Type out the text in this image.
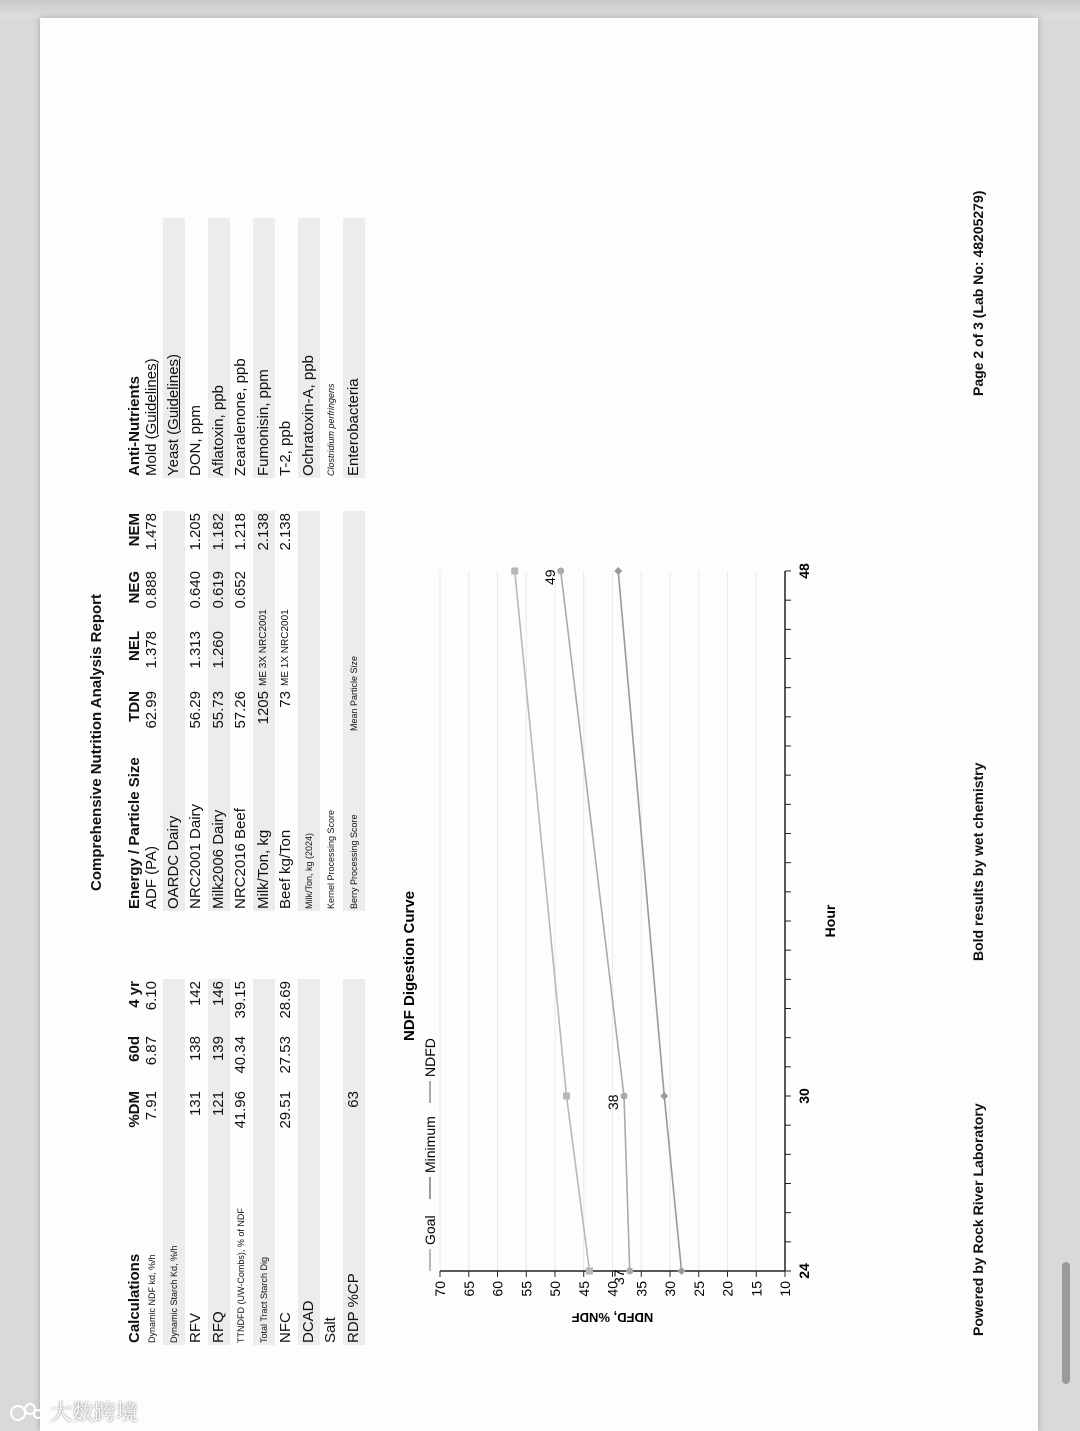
Comprehensive Nutrition Analysis Report
Calculations
%DM
60d
4 yr
Energy / Particle Size
TDN
NEL
NEG
NEM
Anti-Nutrients
NDF Digestion Curve
Goal
Minimum
NDFD
70 65 60 55 50 45 40 35 30 25 20 15 10
24
30
48
Hour
NDFD, %NDF
37
38
49
Powered by Rock River Laboratory
Bold results by wet chemistry
Page 2 of 3 (Lab No: 48205279)
Dynamic NDF kd, %/h
7.91
6.87
6.10
Dynamic Starch Kd, %/h RFV
131
138
142
RFQ
121
139
146
TTNDFD (UW-Combs), % of NDF
41.96
40.34
39.15
Total Tract Starch Dig NFC
29.51
27.53
28.69
DCAD Salt RDP %CP
63
ADF (PA)
62.99
1.378
0.888
1.478
OARDC Dairy NRC2001 Dairy
56.29
1.313
0.640
1.205
Milk2006 Dairy
55.73
1.260
0.619
1.182
NRC2016 Beef
57.26
0.652
1.218
Milk/Ton, kg
1205
2.138
ME 3X NRC2001
Beef kg/Ton
73
2.138
ME 1X NRC2001
Milk/Ton, kg (2024) Kernel Processing Score Berry Processing Score
Mean Particle Size
Mold (Guidelines)
Yeast (Guidelines)
DON, ppm Aflatoxin, ppb Zearalenone, ppb Fumonisin, ppm T-2, ppb Ochratoxin-A, ppb Clostridium perfringens Enterobacteria
大数跨境
